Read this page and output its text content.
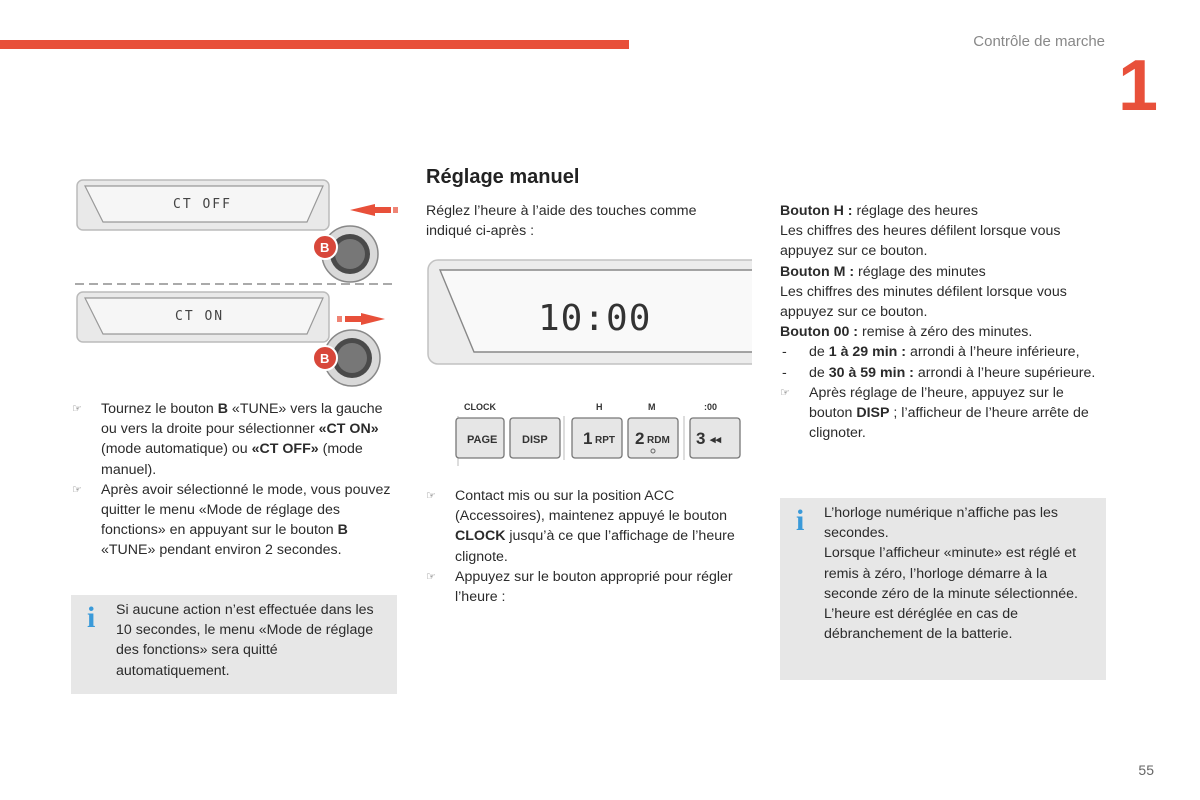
Contrôle de marche
1
CT OFF
B
CT ON
B
☞ Tournez le bouton B «TUNE» vers la gauche ou vers la droite pour sélectionner «CT ON» (mode automatique) ou «CT OFF» (mode manuel).
☞ Après avoir sélectionné le mode, vous pouvez quitter le menu «Mode de réglage des fonctions» en appuyant sur le bouton B «TUNE» pendant environ 2 secondes.
i Si aucune action n’est effectuée dans les 10 secondes, le menu «Mode de réglage des fonctions» sera quitté automatiquement.
Réglage manuel
Réglez l’heure à l’aide des touches comme indiqué ci-après :
10:00
CLOCK	H	M	:00
PAGE DISP 1 RPT 2 RDM 3 ◂◂
☞ Contact mis ou sur la position ACC (Accessoires), maintenez appuyé le bouton CLOCK jusqu’à ce que l’affichage de l’heure clignote.
☞ Appuyez sur le bouton approprié pour régler l’heure :
Bouton H : réglage des heures
Les chiffres des heures défilent lorsque vous appuyez sur ce bouton.
Bouton M : réglage des minutes
Les chiffres des minutes défilent lorsque vous appuyez sur ce bouton.
Bouton 00 : remise à zéro des minutes.
- de 1 à 29 min : arrondi à l’heure inférieure,
- de 30 à 59 min : arrondi à l’heure supérieure.
☞ Après réglage de l’heure, appuyez sur le bouton DISP ; l’afficheur de l’heure arrête de clignoter.
i L’horloge numérique n’affiche pas les secondes.
Lorsque l’afficheur «minute» est réglé et remis à zéro, l’horloge démarre à la seconde zéro de la minute sélectionnée.
L’heure est déréglée en cas de débranchement de la batterie.
55
